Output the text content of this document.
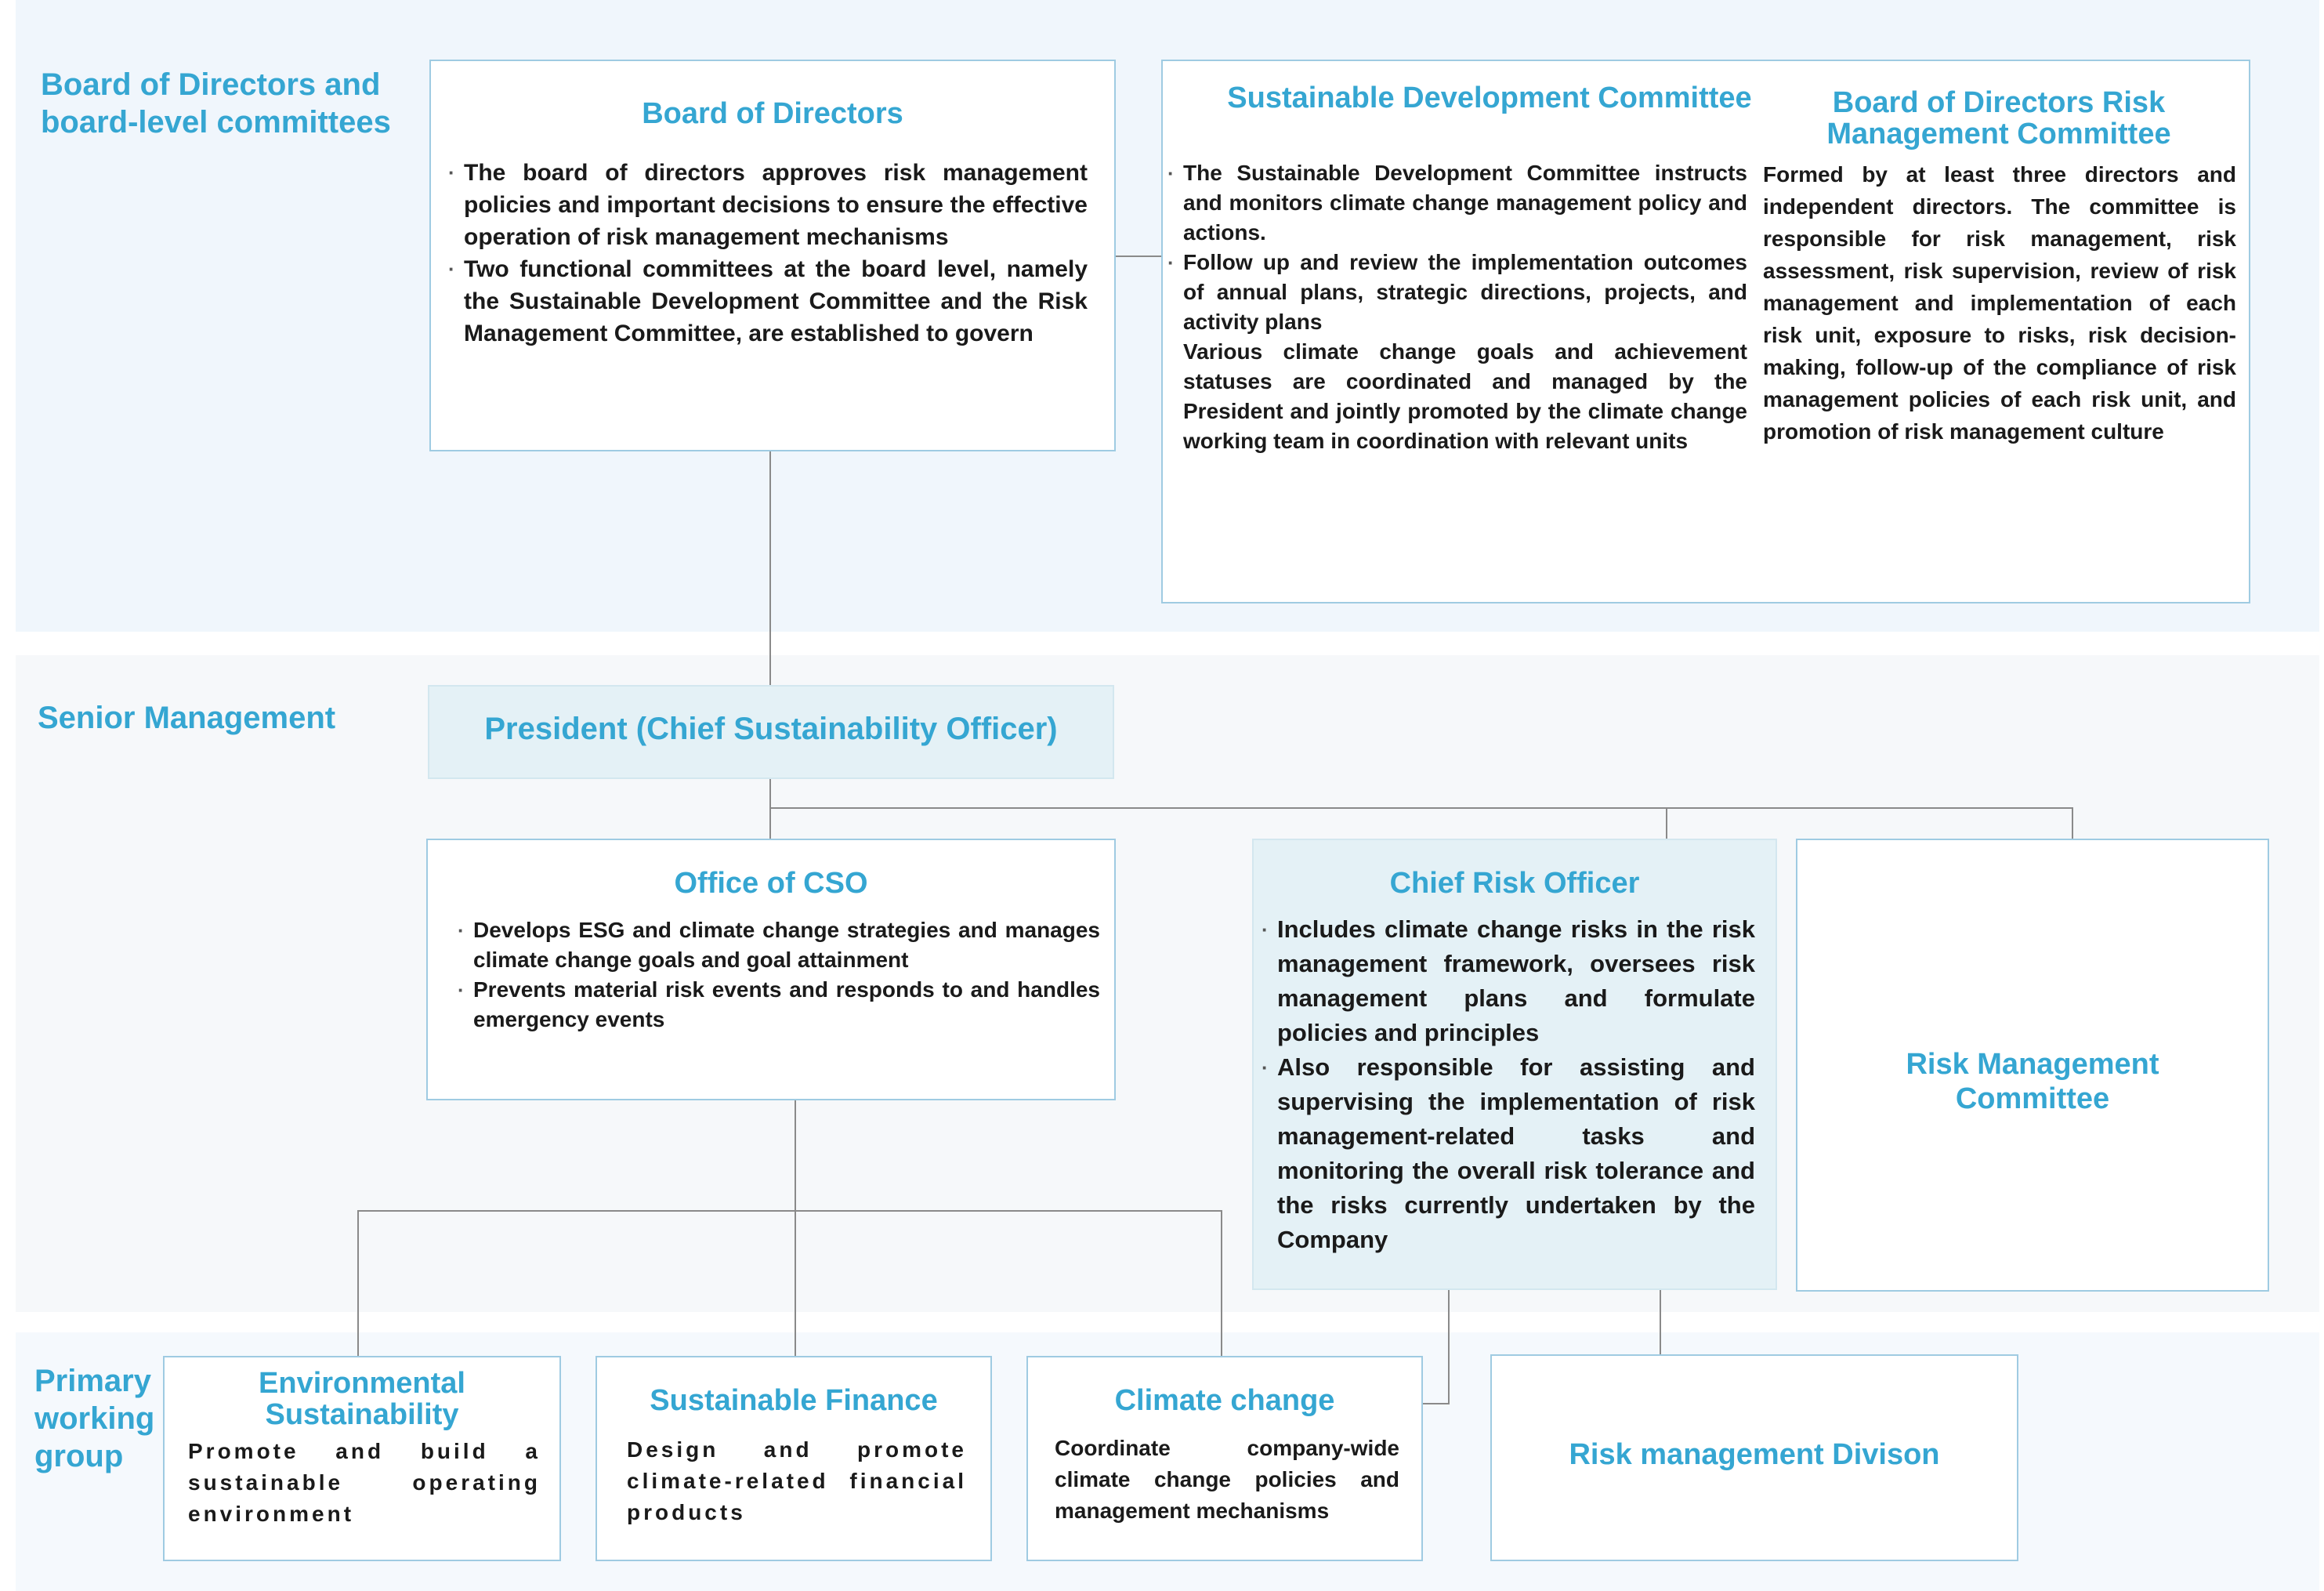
Board of Directors and board-level committees
Senior Management
Primary working group
Board of Directors
· The board of directors approves risk management policies and important decisions to ensure the effective operation of risk management mechanisms
· Two functional committees at the board level, namely the Sustainable Development Committee and the Risk Management Committee, are established to govern
Sustainable Development Committee
· The Sustainable Development Committee instructs and monitors climate change management policy and actions.
· Follow up and review the implementation outcomes of annual plans, strategic directions, projects, and activity plans
Various climate change goals and achievement statuses are coordinated and managed by the President and jointly promoted by the climate change working team in coordination with relevant units
Board of Directors Risk Management Committee

Formed by at least three directors and independent directors. The committee is responsible for risk management, risk assessment, risk supervision, review of risk management and implementation of each risk unit, exposure to risks, risk decision-making, follow-up of the compliance of risk management policies of each risk unit, and promotion of risk management culture

President (Chief Sustainability Officer)
Office of CSO
· Develops ESG and climate change strategies and manages climate change goals and goal attainment
· Prevents material risk events and responds to and handles emergency events
Chief Risk Officer
· Includes climate change risks in the risk management framework, oversees risk management plans and formulate policies and principles
· Also responsible for assisting and supervising the implementation of risk management-related tasks and monitoring the overall risk tolerance and the risks currently undertaken by the Company
Risk Management Committee
Environmental Sustainability

Promote and build a sustainable operating environment

Sustainable Finance

Design and promote climate-related financial products

Climate change

Coordinate company-wide climate change policies and management mechanisms

Risk management Divison
